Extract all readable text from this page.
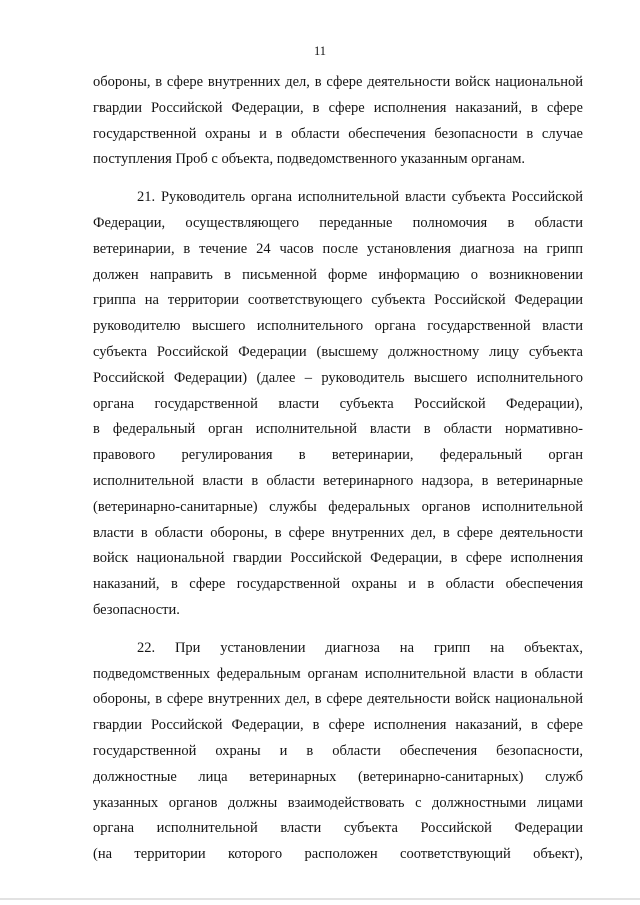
11
обороны, в сфере внутренних дел, в сфере деятельности войск национальной
гвардии Российской Федерации, в сфере исполнения наказаний, в сфере
государственной охраны и в области обеспечения безопасности в случае
поступления Проб с объекта, подведомственного указанным органам.
21. Руководитель органа исполнительной власти субъекта Российской
Федерации, осуществляющего переданные полномочия в области
ветеринарии, в течение 24 часов после установления диагноза на грипп
должен направить в письменной форме информацию о возникновении
гриппа на территории соответствующего субъекта Российской Федерации
руководителю высшего исполнительного органа государственной власти
субъекта Российской Федерации (высшему должностному лицу субъекта
Российской Федерации) (далее – руководитель высшего исполнительного
органа государственной власти субъекта Российской Федерации),
в федеральный орган исполнительной власти в области нормативно-
правового регулирования в ветеринарии, федеральный орган
исполнительной власти в области ветеринарного надзора, в ветеринарные
(ветеринарно-санитарные) службы федеральных органов исполнительной
власти в области обороны, в сфере внутренних дел, в сфере деятельности
войск национальной гвардии Российской Федерации, в сфере исполнения
наказаний, в сфере государственной охраны и в области обеспечения
безопасности.
22. При установлении диагноза на грипп на объектах,
подведомственных федеральным органам исполнительной власти в области
обороны, в сфере внутренних дел, в сфере деятельности войск национальной
гвардии Российской Федерации, в сфере исполнения наказаний, в сфере
государственной охраны и в области обеспечения безопасности,
должностные лица ветеринарных (ветеринарно-санитарных) служб
указанных органов должны взаимодействовать с должностными лицами
органа исполнительной власти субъекта Российской Федерации
(на территории которого расположен соответствующий объект),
